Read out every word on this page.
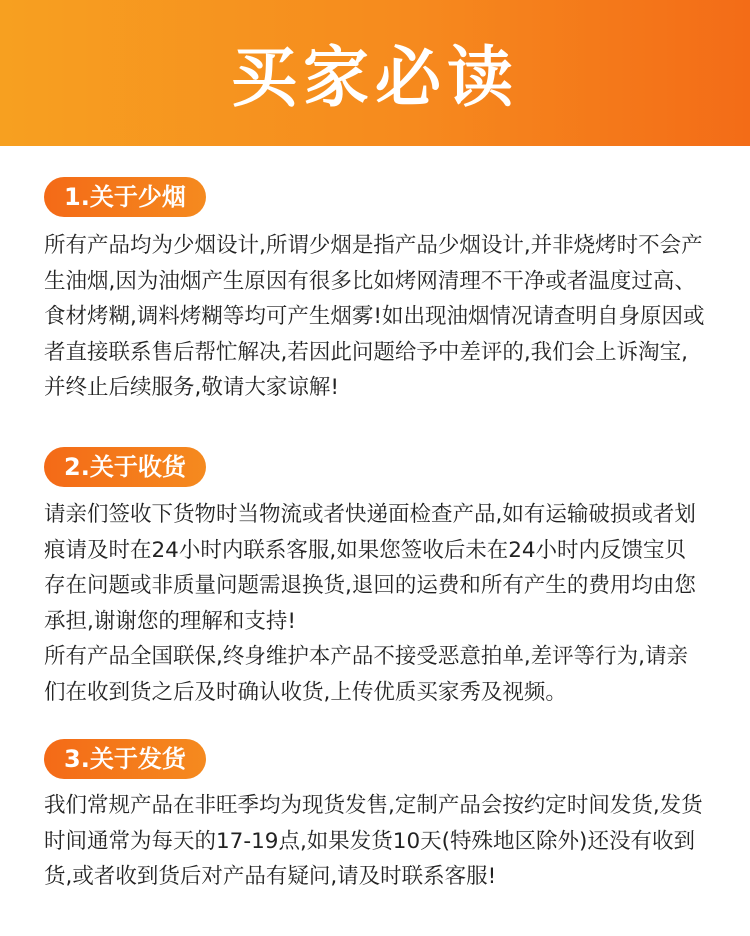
买家必读
1.关于少烟

所有产品均为少烟设计,所谓少烟是指产品少烟设计,并非烧烤时不会产生油烟,因为油烟产生原因有很多比如烤网清理不干净或者温度过高、食材烤糊,调料烤糊等均可产生烟雾!如出现油烟情况请查明自身原因或者直接联系售后帮忙解决,若因此问题给予中差评的,我们会上诉淘宝,并终止后续服务,敬请大家谅解!

2.关于收货

请亲们签收下货物时当物流或者快递面检查产品,如有运输破损或者划痕请及时在24小时内联系客服,如果您签收后未在24小时内反馈宝贝存在问题或非质量问题需退换货,退回的运费和所有产生的费用均由您承担,谢谢您的理解和支持!
所有产品全国联保,终身维护本产品不接受恶意拍单,差评等行为,请亲们在收到货之后及时确认收货,上传优质买家秀及视频。

3.关于发货

我们常规产品在非旺季均为现货发售,定制产品会按约定时间发货,发货时间通常为每天的17-19点,如果发货10天(特殊地区除外)还没有收到货,或者收到货后对产品有疑问,请及时联系客服!
